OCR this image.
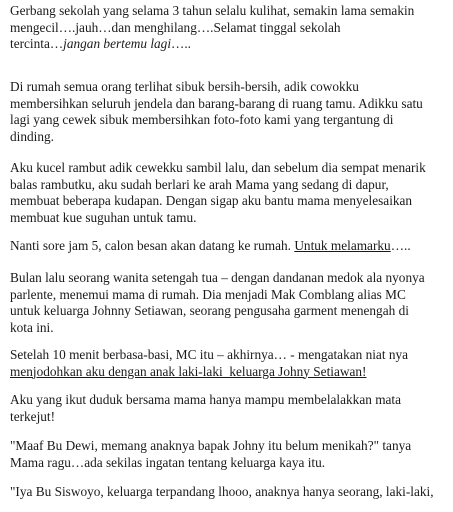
Gerbang sekolah yang selama 3 tahun selalu kulihat, semakin lama semakin
mengecil….jauh…dan menghilang….Selamat tinggal sekolah
tercinta…jangan bertemu lagi…..

Di rumah semua orang terlihat sibuk bersih-bersih, adik cowokku
membersihkan seluruh jendela dan barang-barang di ruang tamu. Adikku satu
lagi yang cewek sibuk membersihkan foto-foto kami yang tergantung di
dinding.

Aku kucel rambut adik cewekku sambil lalu, dan sebelum dia sempat menarik
balas rambutku, aku sudah berlari ke arah Mama yang sedang di dapur,
membuat beberapa kudapan. Dengan sigap aku bantu mama menyelesaikan
membuat kue suguhan untuk tamu.

Nanti sore jam 5, calon besan akan datang ke rumah. Untuk melamarku…..

Bulan lalu seorang wanita setengah tua – dengan dandanan medok ala nyonya
parlente, menemui mama di rumah. Dia menjadi Mak Comblang alias MC
untuk keluarga Johnny Setiawan, seorang pengusaha garment menengah di
kota ini.

Setelah 10 menit berbasa-basi, MC itu – akhirnya… - mengatakan niat nya
menjodohkan aku dengan anak laki-laki  keluarga Johny Setiawan!

Aku yang ikut duduk bersama mama hanya mampu membelalakkan mata
terkejut!

"Maaf Bu Dewi, memang anaknya bapak Johny itu belum menikah?" tanya
Mama ragu…ada sekilas ingatan tentang keluarga kaya itu.

"Iya Bu Siswoyo, keluarga terpandang lhooo, anaknya hanya seorang, laki-laki,
